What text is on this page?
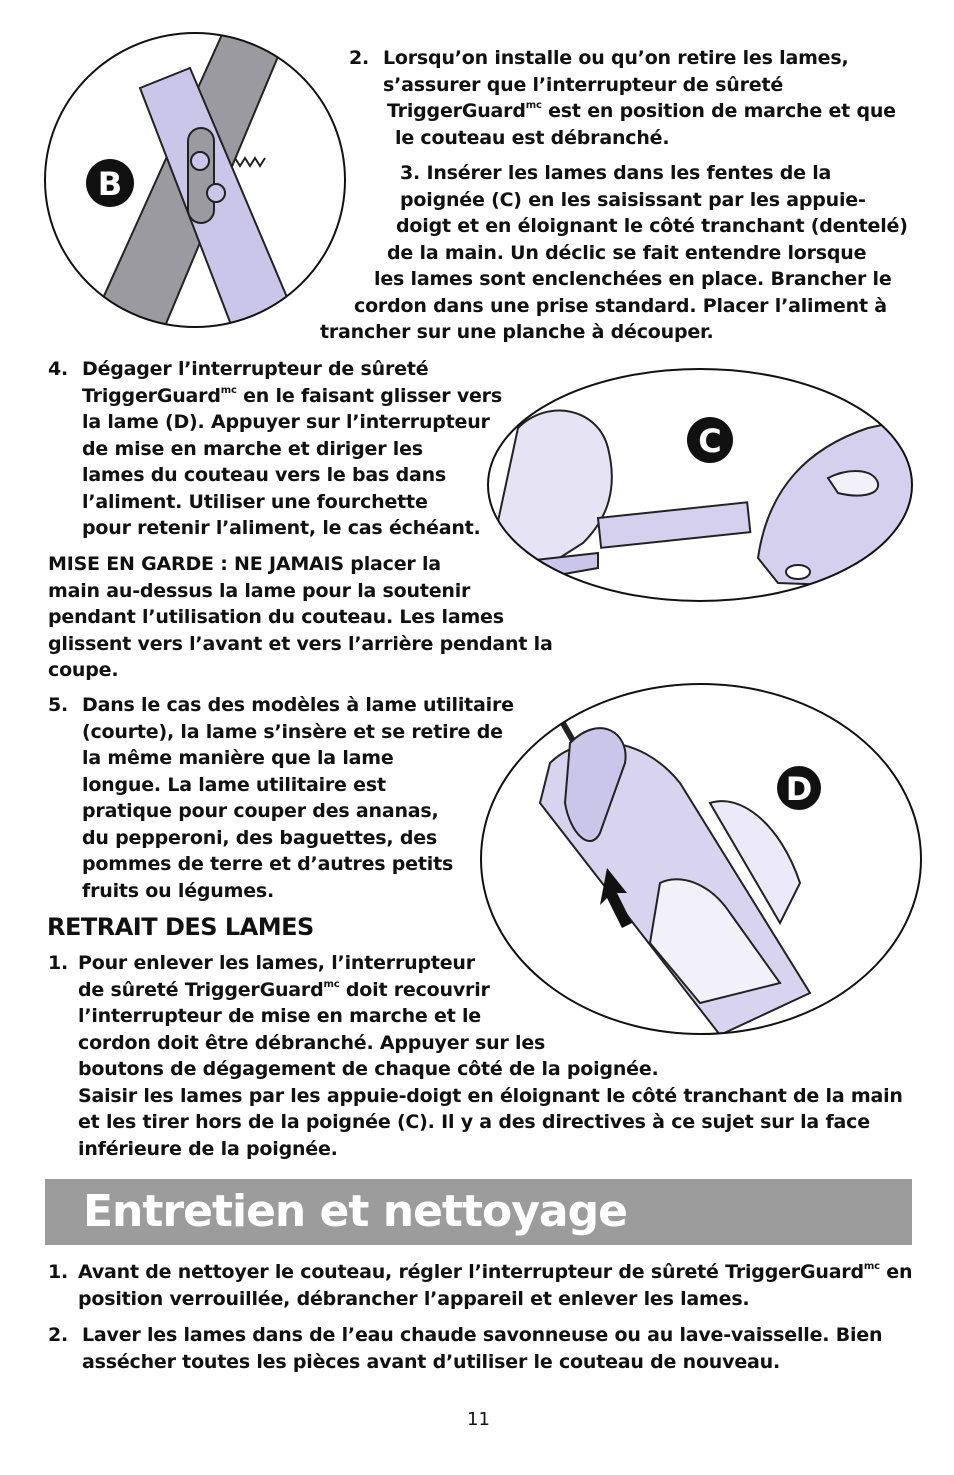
B
C
D
2. Lorsqu’on installe ou qu’on retire les lames,
s’assurer que l’interrupteur de sûreté
TriggerGuard$^{mc}$ est en position de marche et que
le couteau est débranché.
3. Insérer les lames dans les fentes de la
poignée (C) en les saisissant par les appuie-
doigt et en éloignant le côté tranchant (dentelé)
de la main. Un déclic se fait entendre lorsque
les lames sont enclenchées en place. Brancher le
cordon dans une prise standard. Placer l’aliment à
trancher sur une planche à découper.
4. Dégager l’interrupteur de sûreté
TriggerGuard$^{mc}$ en le faisant glisser vers
la lame (D). Appuyer sur l’interrupteur
de mise en marche et diriger les
lames du couteau vers le bas dans
l’aliment. Utiliser une fourchette
pour retenir l’aliment, le cas échéant.
MISE EN GARDE : NE JAMAIS placer la
main au-dessus la lame pour la soutenir
pendant l’utilisation du couteau. Les lames
glissent vers l’avant et vers l’arrière pendant la
coupe.
5. Dans le cas des modèles à lame utilitaire
(courte), la lame s’insère et se retire de
la même manière que la lame
longue. La lame utilitaire est
pratique pour couper des ananas,
du pepperoni, des baguettes, des
pommes de terre et d’autres petits
fruits ou légumes.
RETRAIT DES LAMES
1. Pour enlever les lames, l’interrupteur
de sûreté TriggerGuard$^{mc}$ doit recouvrir
l’interrupteur de mise en marche et le
cordon doit être débranché. Appuyer sur les
boutons de dégagement de chaque côté de la poignée.
Saisir les lames par les appuie-doigt en éloignant le côté tranchant de la main
et les tirer hors de la poignée (C). Il y a des directives à ce sujet sur la face
inférieure de la poignée.
Entretien et nettoyage
1. Avant de nettoyer le couteau, régler l’interrupteur de sûreté TriggerGuard$^{mc}$ en
position verrouillée, débrancher l’appareil et enlever les lames.
2. Laver les lames dans de l’eau chaude savonneuse ou au lave-vaisselle. Bien
assécher toutes les pièces avant d’utiliser le couteau de nouveau.
11
